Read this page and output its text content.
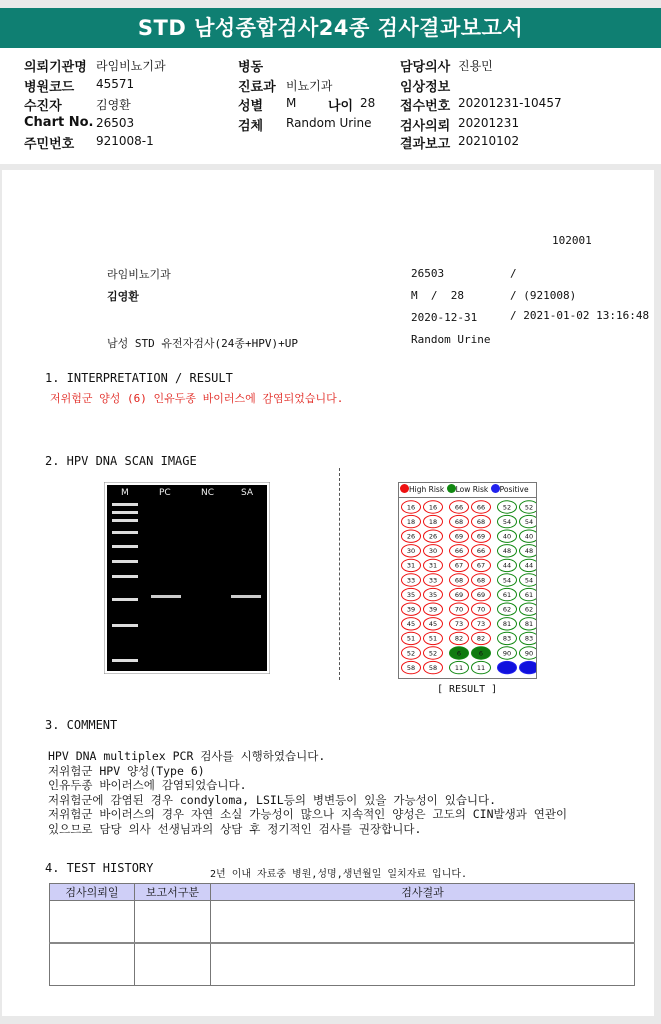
STD 남성종합검사24종 검사결과보고서
의뢰기관명 라임비뇨기과
병원코드 45571
수진자	김영환
Chart No. 26503
주민번호 921008-1
병동
진료과 비뇨기과
성별 M 나이 28
검체 Random Urine
담당의사 진용민
임상정보
접수번호 20201231-10457
검사의뢰 20201231
결과보고 20210102
102001
라임비뇨기과	26503	/
김영환	M  /  28	/ (921008)
2020-12-31	/ 2021-01-02 13:16:48
남성 STD 유전자검사(24종+HPV)+UP	Random Urine
1. INTERPRETATION / RESULT
저위험군 양성 (6) 인유두종 바이러스에 감염되었습니다.
2. HPV DNA SCAN IMAGE
M	PC	NC	SA	High Risk Low Risk Positive
16 16	66 66	52 52
18 18	68 68	54 54
26 26	69 69	40 40
30 30	66 66	48 48
31 31	67 67	44 44
33 33	68 68	54 54
35 35	69 69	61 61
39 39	70 70	62 62
45 45	73 73	81 81
51 51	82 82	83 83
52 52	6	6	90 90
58 58	11 11
[ RESULT ]
3. COMMENT
HPV DNA multiplex PCR 검사를 시행하였습니다.
저위험군 HPV 양성(Type 6)
인유두종 바이러스에 감염되었습니다.
저위험군에 감염된 경우 condyloma, LSIL등의 병변등이 있을 가능성이 있습니다.
저위험군 바이러스의 경우 자연 소실 가능성이 많으나 지속적인 양성은 고도의 CIN발생과 연관이
있으므로 담당 의사 선생님과의 상담 후 정기적인 검사를 권장합니다.
4. TEST HISTORY	2년 이내 자료중 병원,성명,생년월일 일치자료 입니다.
검사의뢰일	보고서구분	검사결과
